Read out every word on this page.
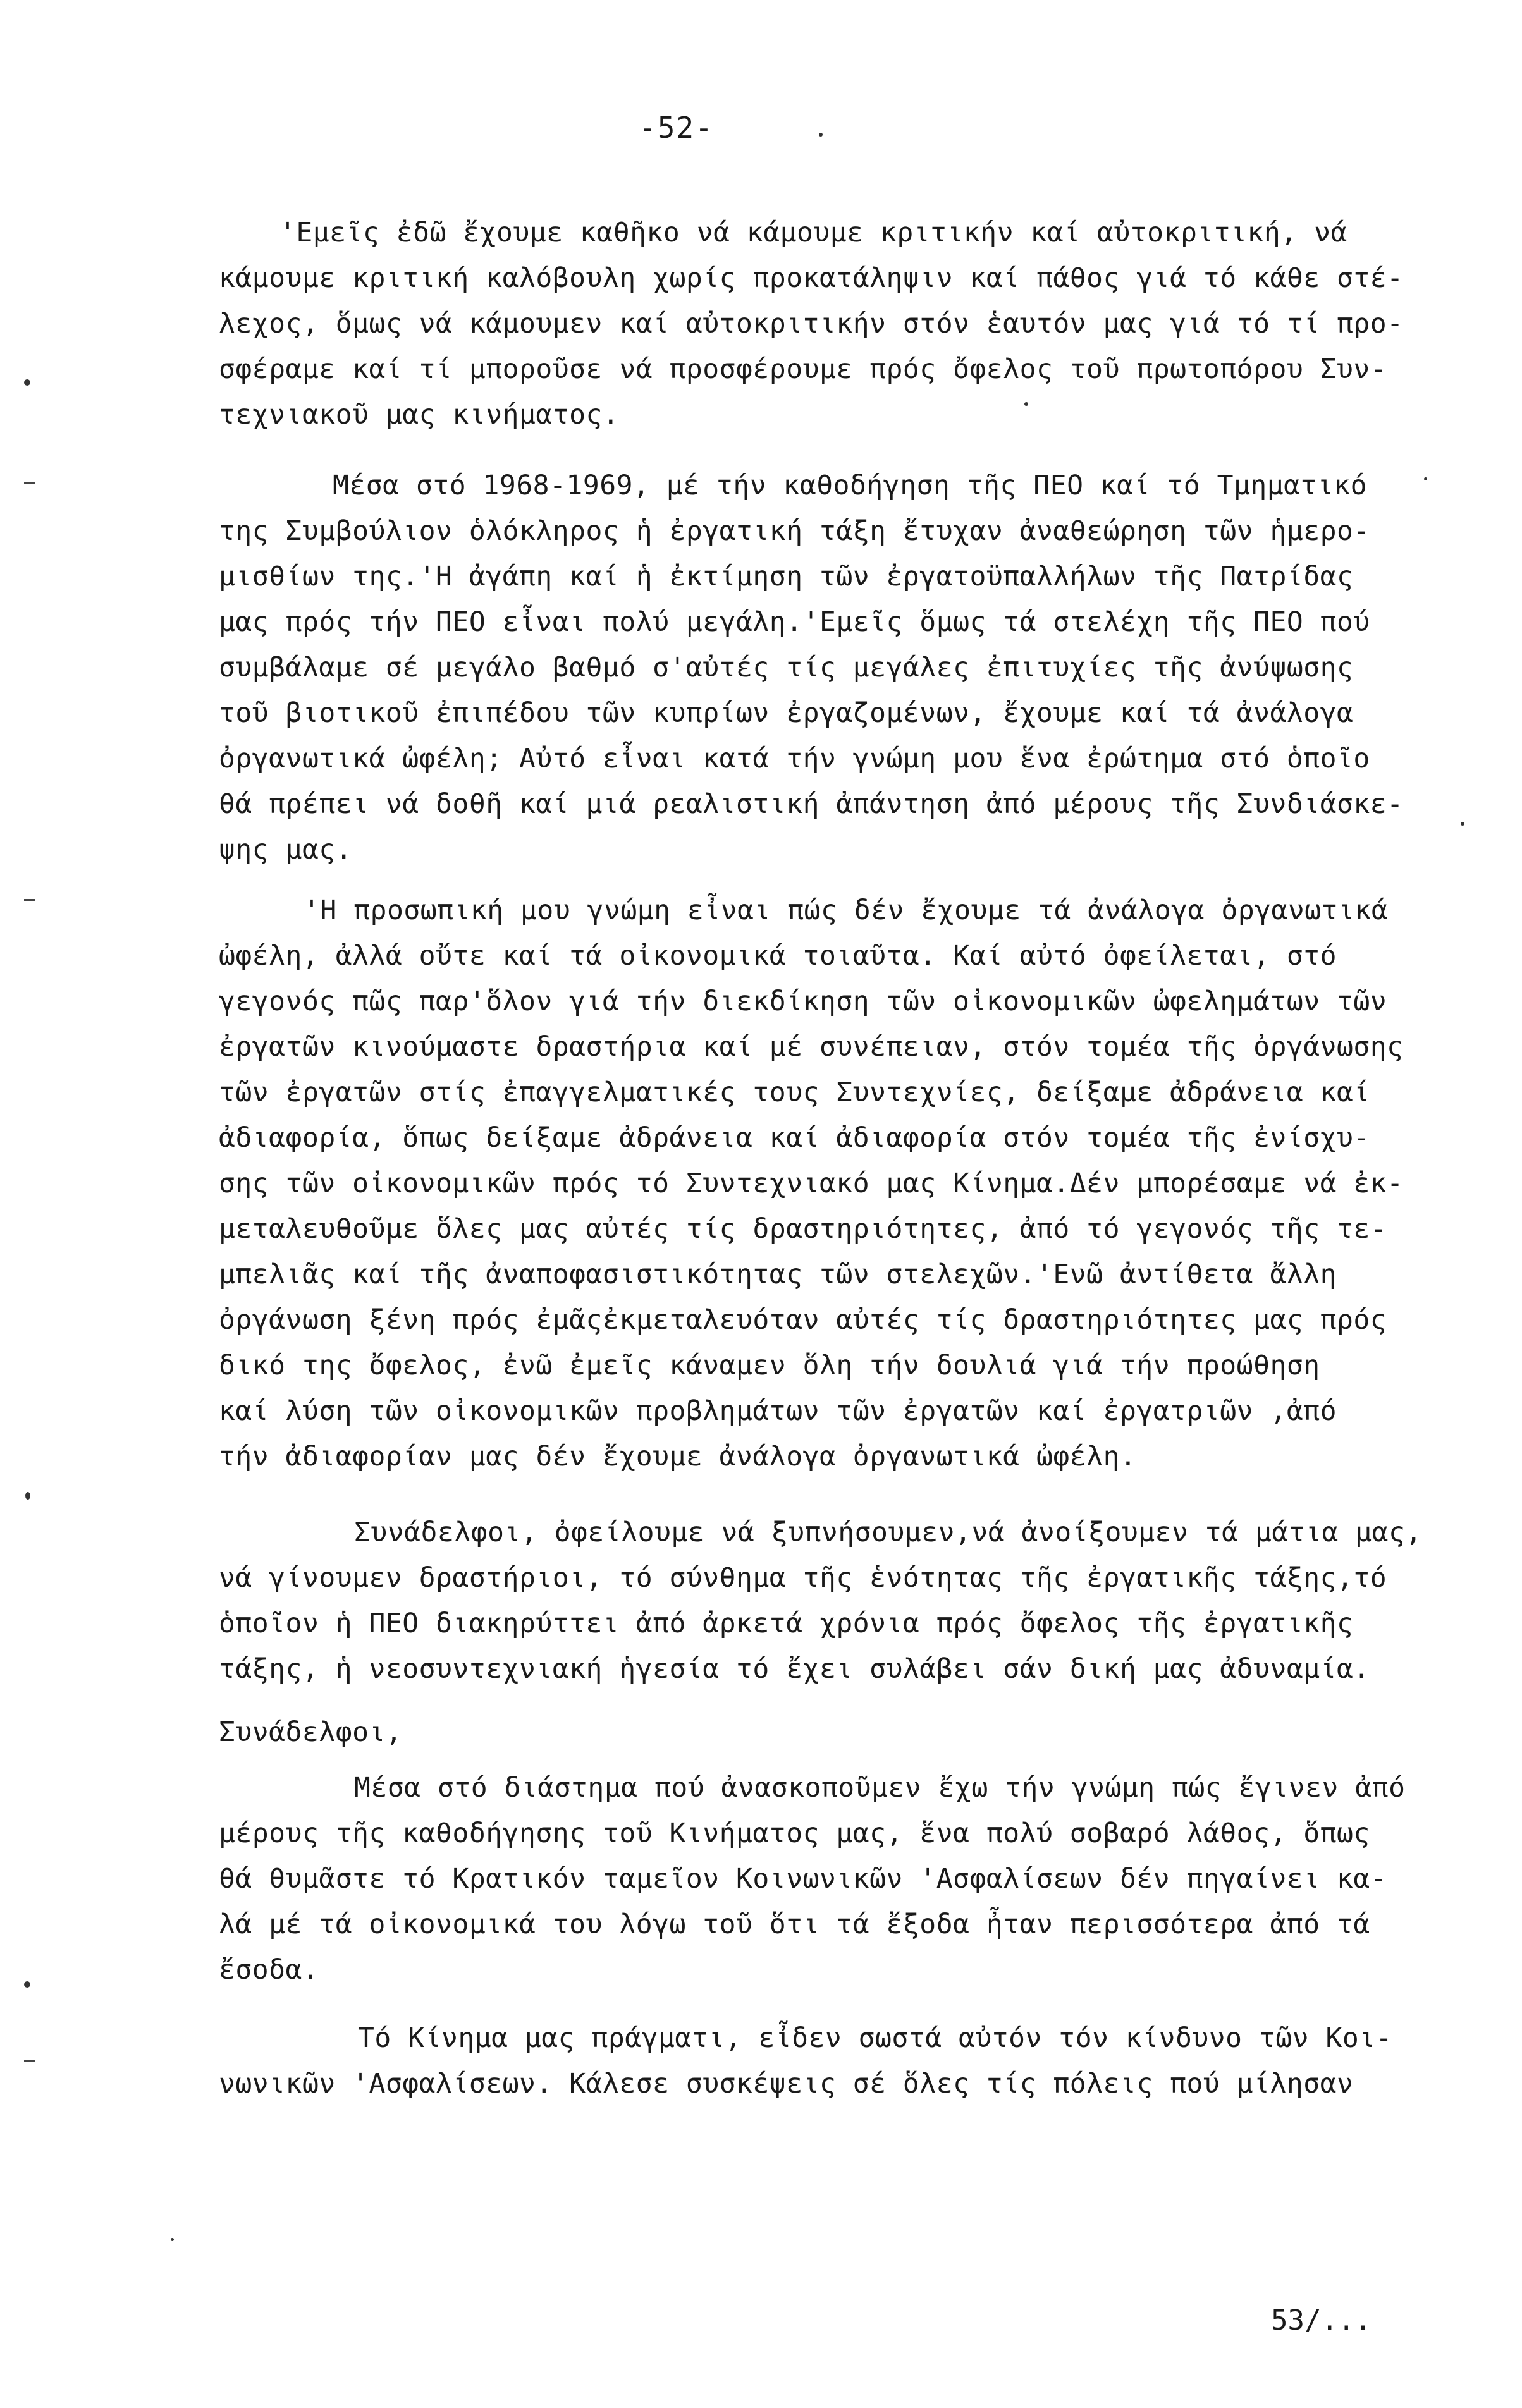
-52-
'Εμεῖς ἐδῶ ἔχουμε καθῆκο νά κάμουμε κριτικήν καί αὐτοκριτική, νά
κάμουμε κριτική καλόβουλη χωρίς προκατάληψιν καί πάθος γιά τό κάθε στέ-
λεχος, ὅμως νά κάμουμεν καί αὐτοκριτικήν στόν ἑαυτόν μας γιά τό τί προ-
σφέραμε καί τί μποροῦσε νά προσφέρουμε πρός ὄφελος τοῦ πρωτοπόρου Συν-
τεχνιακοῦ μας κινήματος.
Μέσα στό 1968-1969, μέ τήν καθοδήγηση τῆς ΠΕΟ καί τό Τμηματικό
της Συμβούλιον ὁλόκληρος ἡ ἐργατική τάξη ἔτυχαν ἀναθεώρηση τῶν ἡμερο-
μισθίων της.'Η ἀγάπη καί ἡ ἐκτίμηση τῶν ἐργατοϋπαλλήλων τῆς Πατρίδας
μας πρός τήν ΠΕΟ εἶναι πολύ μεγάλη.'Εμεῖς ὅμως τά στελέχη τῆς ΠΕΟ πού
συμβάλαμε σέ μεγάλο βαθμό σ'αὐτές τίς μεγάλες ἐπιτυχίες τῆς ἀνύψωσης
τοῦ βιοτικοῦ ἐπιπέδου τῶν κυπρίων ἐργαζομένων, ἔχουμε καί τά ἀνάλογα
ὀργανωτικά ὠφέλη; Αὐτό εἶναι κατά τήν γνώμη μου ἕνα ἐρώτημα στό ὁποῖο
θά πρέπει νά δοθῆ καί μιά ρεαλιστική ἀπάντηση ἀπό μέρους τῆς Συνδιάσκε-
ψης μας.
'Η προσωπική μου γνώμη εἶναι πώς δέν ἔχουμε τά ἀνάλογα ὀργανωτικά
ὠφέλη, ἀλλά οὔτε καί τά οἰκονομικά τοιαῦτα. Καί αὐτό ὀφείλεται, στό
γεγονός πῶς παρ'ὅλον γιά τήν διεκδίκηση τῶν οἰκονομικῶν ὠφελημάτων τῶν
ἐργατῶν κινούμαστε δραστήρια καί μέ συνέπειαν, στόν τομέα τῆς ὀργάνωσης
τῶν ἐργατῶν στίς ἐπαγγελματικές τους Συντεχνίες, δείξαμε ἀδράνεια καί
ἀδιαφορία, ὅπως δείξαμε ἀδράνεια καί ἀδιαφορία στόν τομέα τῆς ἐνίσχυ-
σης τῶν οἰκονομικῶν πρός τό Συντεχνιακό μας Κίνημα.Δέν μπορέσαμε νά ἐκ-
μεταλευθοῦμε ὅλες μας αὐτές τίς δραστηριότητες, ἀπό τό γεγονός τῆς τε-
μπελιᾶς καί τῆς ἀναποφασιστικότητας τῶν στελεχῶν.'Ενῶ ἀντίθετα ἄλλη
ὀργάνωση ξένη πρός ἐμᾶςἐκμεταλευόταν αὐτές τίς δραστηριότητες μας πρός
δικό της ὄφελος, ἐνῶ ἐμεῖς κάναμεν ὅλη τήν δουλιά γιά τήν προώθηση
καί λύση τῶν οἰκονομικῶν προβλημάτων τῶν ἐργατῶν καί ἐργατριῶν ,ἀπό
τήν ἀδιαφορίαν μας δέν ἔχουμε ἀνάλογα ὀργανωτικά ὠφέλη.
Συνάδελφοι, ὀφείλουμε νά ξυπνήσουμεν,νά ἀνοίξουμεν τά μάτια μας,
νά γίνουμεν δραστήριοι, τό σύνθημα τῆς ἑνότητας τῆς ἐργατικῆς τάξης,τό
ὁποῖον ἡ ΠΕΟ διακηρύττει ἀπό ἀρκετά χρόνια πρός ὄφελος τῆς ἐργατικῆς
τάξης, ἡ νεοσυντεχνιακή ἡγεσία τό ἔχει συλάβει σάν δική μας ἀδυναμία.
Συνάδελφοι,
Μέσα στό διάστημα πού ἀνασκοποῦμεν ἔχω τήν γνώμη πώς ἔγινεν ἀπό
μέρους τῆς καθοδήγησης τοῦ Κινήματος μας, ἕνα πολύ σοβαρό λάθος, ὅπως
θά θυμᾶστε τό Κρατικόν ταμεῖον Κοινωνικῶν 'Ασφαλίσεων δέν πηγαίνει κα-
λά μέ τά οἰκονομικά του λόγω τοῦ ὅτι τά ἔξοδα ἦταν περισσότερα ἀπό τά
ἔσοδα.
Τό Κίνημα μας πράγματι, εἶδεν σωστά αὐτόν τόν κίνδυνο τῶν Κοι-
νωνικῶν 'Ασφαλίσεων. Κάλεσε συσκέψεις σέ ὅλες τίς πόλεις πού μίλησαν
53/...
